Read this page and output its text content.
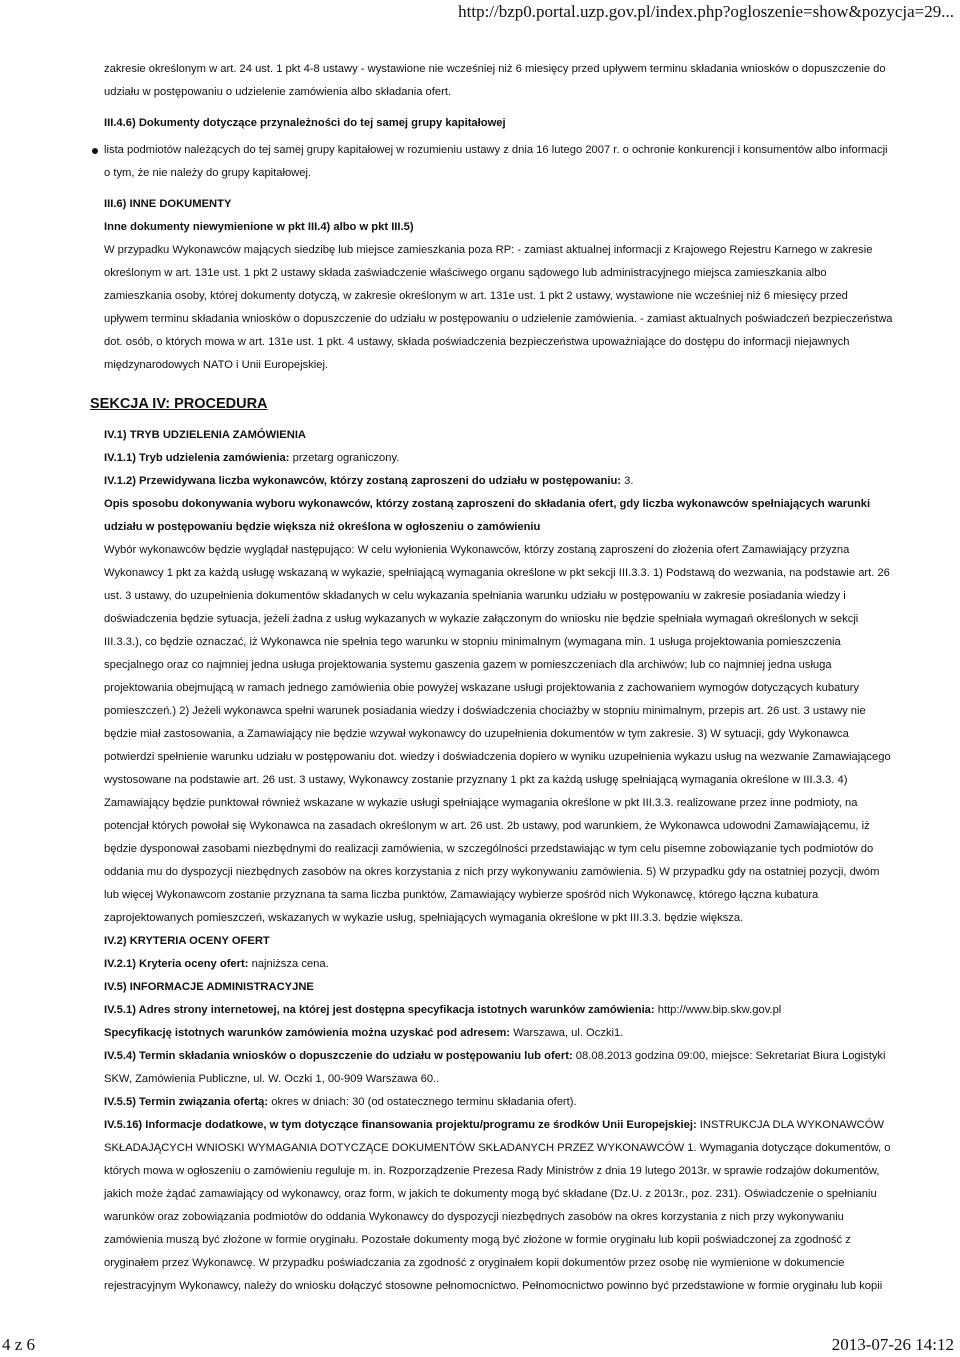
http://bzp0.portal.uzp.gov.pl/index.php?ogloszenie=show&pozycja=29...

zakresie określonym w art. 24 ust. 1 pkt 4-8 ustawy - wystawione nie wcześniej niż 6 miesięcy przed upływem terminu składania wniosków o dopuszczenie do udziału w postępowaniu o udzielenie zamówienia albo składania ofert.

III.4.6) Dokumenty dotyczące przynależności do tej samej grupy kapitałowej

lista podmiotów należących do tej samej grupy kapitałowej w rozumieniu ustawy z dnia 16 lutego 2007 r. o ochronie konkurencji i konsumentów albo informacji o tym, że nie należy do grupy kapitałowej.

III.6) INNE DOKUMENTY

Inne dokumenty niewymienione w pkt III.4) albo w pkt III.5)

W przypadku Wykonawców mających siedzibę lub miejsce zamieszkania poza RP: - zamiast aktualnej informacji z Krajowego Rejestru Karnego w zakresie określonym w art. 131e ust. 1 pkt 2 ustawy składa zaświadczenie właściwego organu sądowego lub administracyjnego miejsca zamieszkania albo zamieszkania osoby, której dokumenty dotyczą, w zakresie określonym w art. 131e ust. 1 pkt 2 ustawy, wystawione nie wcześniej niż 6 miesięcy przed upływem terminu składania wniosków o dopuszczenie do udziału w postępowaniu o udzielenie zamówienia. - zamiast aktualnych poświadczeń bezpieczeństwa dot. osób, o których mowa w art. 131e ust. 1 pkt. 4 ustawy, składa poświadczenia bezpieczeństwa upoważniające do dostępu do informacji niejawnych międzynarodowych NATO i Unii Europejskiej.

SEKCJA IV: PROCEDURA

IV.1) TRYB UDZIELENIA ZAMÓWIENIA

IV.1.1) Tryb udzielenia zamówienia: przetarg ograniczony.

IV.1.2) Przewidywana liczba wykonawców, którzy zostaną zaproszeni do udziału w postępowaniu: 3.

Opis sposobu dokonywania wyboru wykonawców, którzy zostaną zaproszeni do składania ofert, gdy liczba wykonawców spełniających warunki udziału w postępowaniu będzie większa niż określona w ogłoszeniu o zamówieniu

Wybór wykonawców będzie wyglądał następująco: W celu wyłonienia Wykonawców, którzy zostaną zaproszeni do złożenia ofert Zamawiający przyzna Wykonawcy 1 pkt za każdą usługę wskazaną w wykazie, spełniającą wymagania określone w pkt sekcji III.3.3. 1) Podstawą do wezwania, na podstawie art. 26 ust. 3 ustawy, do uzupełnienia dokumentów składanych w celu wykazania spełniania warunku udziału w postępowaniu w zakresie posiadania wiedzy i doświadczenia będzie sytuacja, jeżeli żadna z usług wykazanych w wykazie załączonym do wniosku nie będzie spełniała wymagań określonych w sekcji III.3.3.), co będzie oznaczać, iż Wykonawca nie spełnia tego warunku w stopniu minimalnym (wymagana min. 1 usługa projektowania pomieszczenia specjalnego oraz co najmniej jedna usługa projektowania systemu gaszenia gazem w pomieszczeniach dla archiwów; lub co najmniej jedna usługa projektowania obejmującą w ramach jednego zamówienia obie powyżej wskazane usługi projektowania z zachowaniem wymogów dotyczących kubatury pomieszczeń.) 2) Jeżeli wykonawca spełni warunek posiadania wiedzy i doświadczenia chociażby w stopniu minimalnym, przepis art. 26 ust. 3 ustawy nie będzie miał zastosowania, a Zamawiający nie będzie wzywał wykonawcy do uzupełnienia dokumentów w tym zakresie. 3) W sytuacji, gdy Wykonawca potwierdzi spełnienie warunku udziału w postępowaniu dot. wiedzy i doświadczenia dopiero w wyniku uzupełnienia wykazu usług na wezwanie Zamawiającego wystosowane na podstawie art. 26 ust. 3 ustawy, Wykonawcy zostanie przyznany 1 pkt za każdą usługę spełniającą wymagania określone w III.3.3. 4) Zamawiający będzie punktował również wskazane w wykazie usługi spełniające wymagania określone w pkt III.3.3. realizowane przez inne podmioty, na potencjał których powołał się Wykonawca na zasadach określonym w art. 26 ust. 2b ustawy, pod warunkiem, że Wykonawca udowodni Zamawiającemu, iż będzie dysponował zasobami niezbędnymi do realizacji zamówienia, w szczególności przedstawiając w tym celu pisemne zobowiązanie tych podmiotów do oddania mu do dyspozycji niezbędnych zasobów na okres korzystania z nich przy wykonywaniu zamówienia. 5) W przypadku gdy na ostatniej pozycji, dwóm lub więcej Wykonawcom zostanie przyznana ta sama liczba punktów, Zamawiający wybierze spośród nich Wykonawcę, którego łączna kubatura zaprojektowanych pomieszczeń, wskazanych w wykazie usług, spełniających wymagania określone w pkt III.3.3. będzie większa.

IV.2) KRYTERIA OCENY OFERT

IV.2.1) Kryteria oceny ofert: najniższa cena.

IV.5) INFORMACJE ADMINISTRACYJNE

IV.5.1) Adres strony internetowej, na której jest dostępna specyfikacja istotnych warunków zamówienia: http://www.bip.skw.gov.pl

Specyfikację istotnych warunków zamówienia można uzyskać pod adresem: Warszawa, ul. Oczki1.

IV.5.4) Termin składania wniosków o dopuszczenie do udziału w postępowaniu lub ofert: 08.08.2013 godzina 09:00, miejsce: Sekretariat Biura Logistyki SKW, Zamówienia Publiczne, ul. W. Oczki 1, 00-909 Warszawa 60..

IV.5.5) Termin związania ofertą: okres w dniach: 30 (od ostatecznego terminu składania ofert).

IV.5.16) Informacje dodatkowe, w tym dotyczące finansowania projektu/programu ze środków Unii Europejskiej: INSTRUKCJA DLA WYKONAWCÓW SKŁADAJĄCYCH WNIOSKI WYMAGANIA DOTYCZĄCE DOKUMENTÓW SKŁADANYCH PRZEZ WYKONAWCÓW 1. Wymagania dotyczące dokumentów, o których mowa w ogłoszeniu o zamówieniu reguluje m. in. Rozporządzenie Prezesa Rady Ministrów z dnia 19 lutego 2013r. w sprawie rodzajów dokumentów, jakich może żądać zamawiający od wykonawcy, oraz form, w jakich te dokumenty mogą być składane (Dz.U. z 2013r., poz. 231). Oświadczenie o spełnianiu warunków oraz zobowiązania podmiotów do oddania Wykonawcy do dyspozycji niezbędnych zasobów na okres korzystania z nich przy wykonywaniu zamówienia muszą być złożone w formie oryginału. Pozostałe dokumenty mogą być złożone w formie oryginału lub kopii poświadczonej za zgodność z oryginałem przez Wykonawcę. W przypadku poświadczania za zgodność z oryginałem kopii dokumentów przez osobę nie wymienione w dokumencie rejestracyjnym Wykonawcy, należy do wniosku dołączyć stosowne pełnomocnictwo. Pełnomocnictwo powinno być przedstawione w formie oryginału lub kopii

4 z 6	2013-07-26 14:12
